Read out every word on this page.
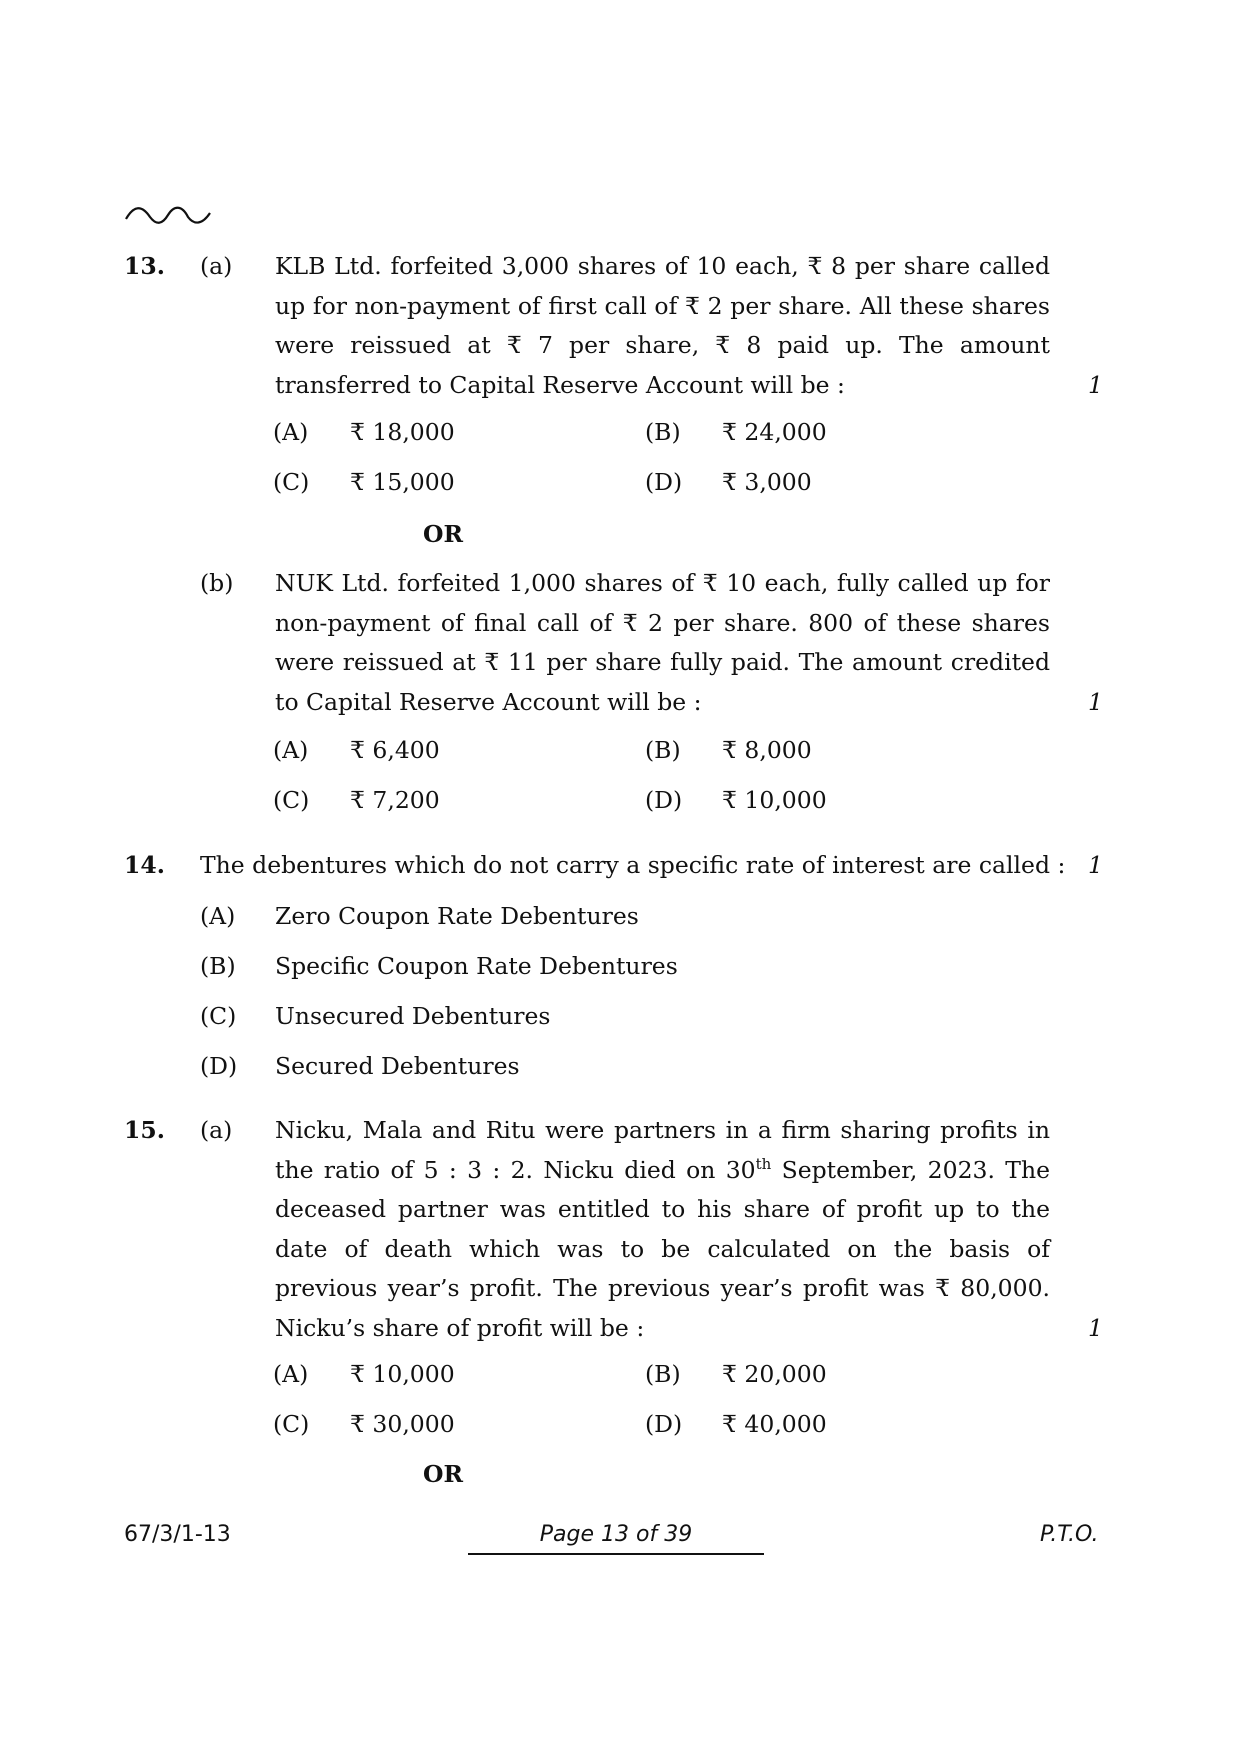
13. (a) KLB Ltd. forfeited 3,000 shares of 10 each, ₹ 8 per share called up for non-payment of first call of ₹ 2 per share. All these shares were reissued at ₹ 7 per share, ₹ 8 paid up. The amount transferred to Capital Reserve Account will be :	1
(A) ₹ 18,000	(B) ₹ 24,000
(C) ₹ 15,000	(D) ₹ 3,000
OR
(b) NUK Ltd. forfeited 1,000 shares of ₹ 10 each, fully called up for non-payment of final call of ₹ 2 per share. 800 of these shares were reissued at ₹ 11 per share fully paid. The amount credited to Capital Reserve Account will be :	1
(A) ₹ 6,400	(B) ₹ 8,000
(C) ₹ 7,200	(D) ₹ 10,000
14. The debentures which do not carry a specific rate of interest are called : 1
(A) Zero Coupon Rate Debentures
(B) Specific Coupon Rate Debentures
(C) Unsecured Debentures
(D) Secured Debentures
15. (a) Nicku, Mala and Ritu were partners in a firm sharing profits in the ratio of 5 : 3 : 2. Nicku died on 30th September, 2023. The deceased partner was entitled to his share of profit up to the date of death which was to be calculated on the basis of previous year’s profit. The previous year’s profit was ₹ 80,000. Nicku’s share of profit will be :	1
(A) ₹ 10,000	(B) ₹ 20,000
(C) ₹ 30,000	(D) ₹ 40,000
OR
67/3/1-13	Page 13 of 39	P.T.O.
